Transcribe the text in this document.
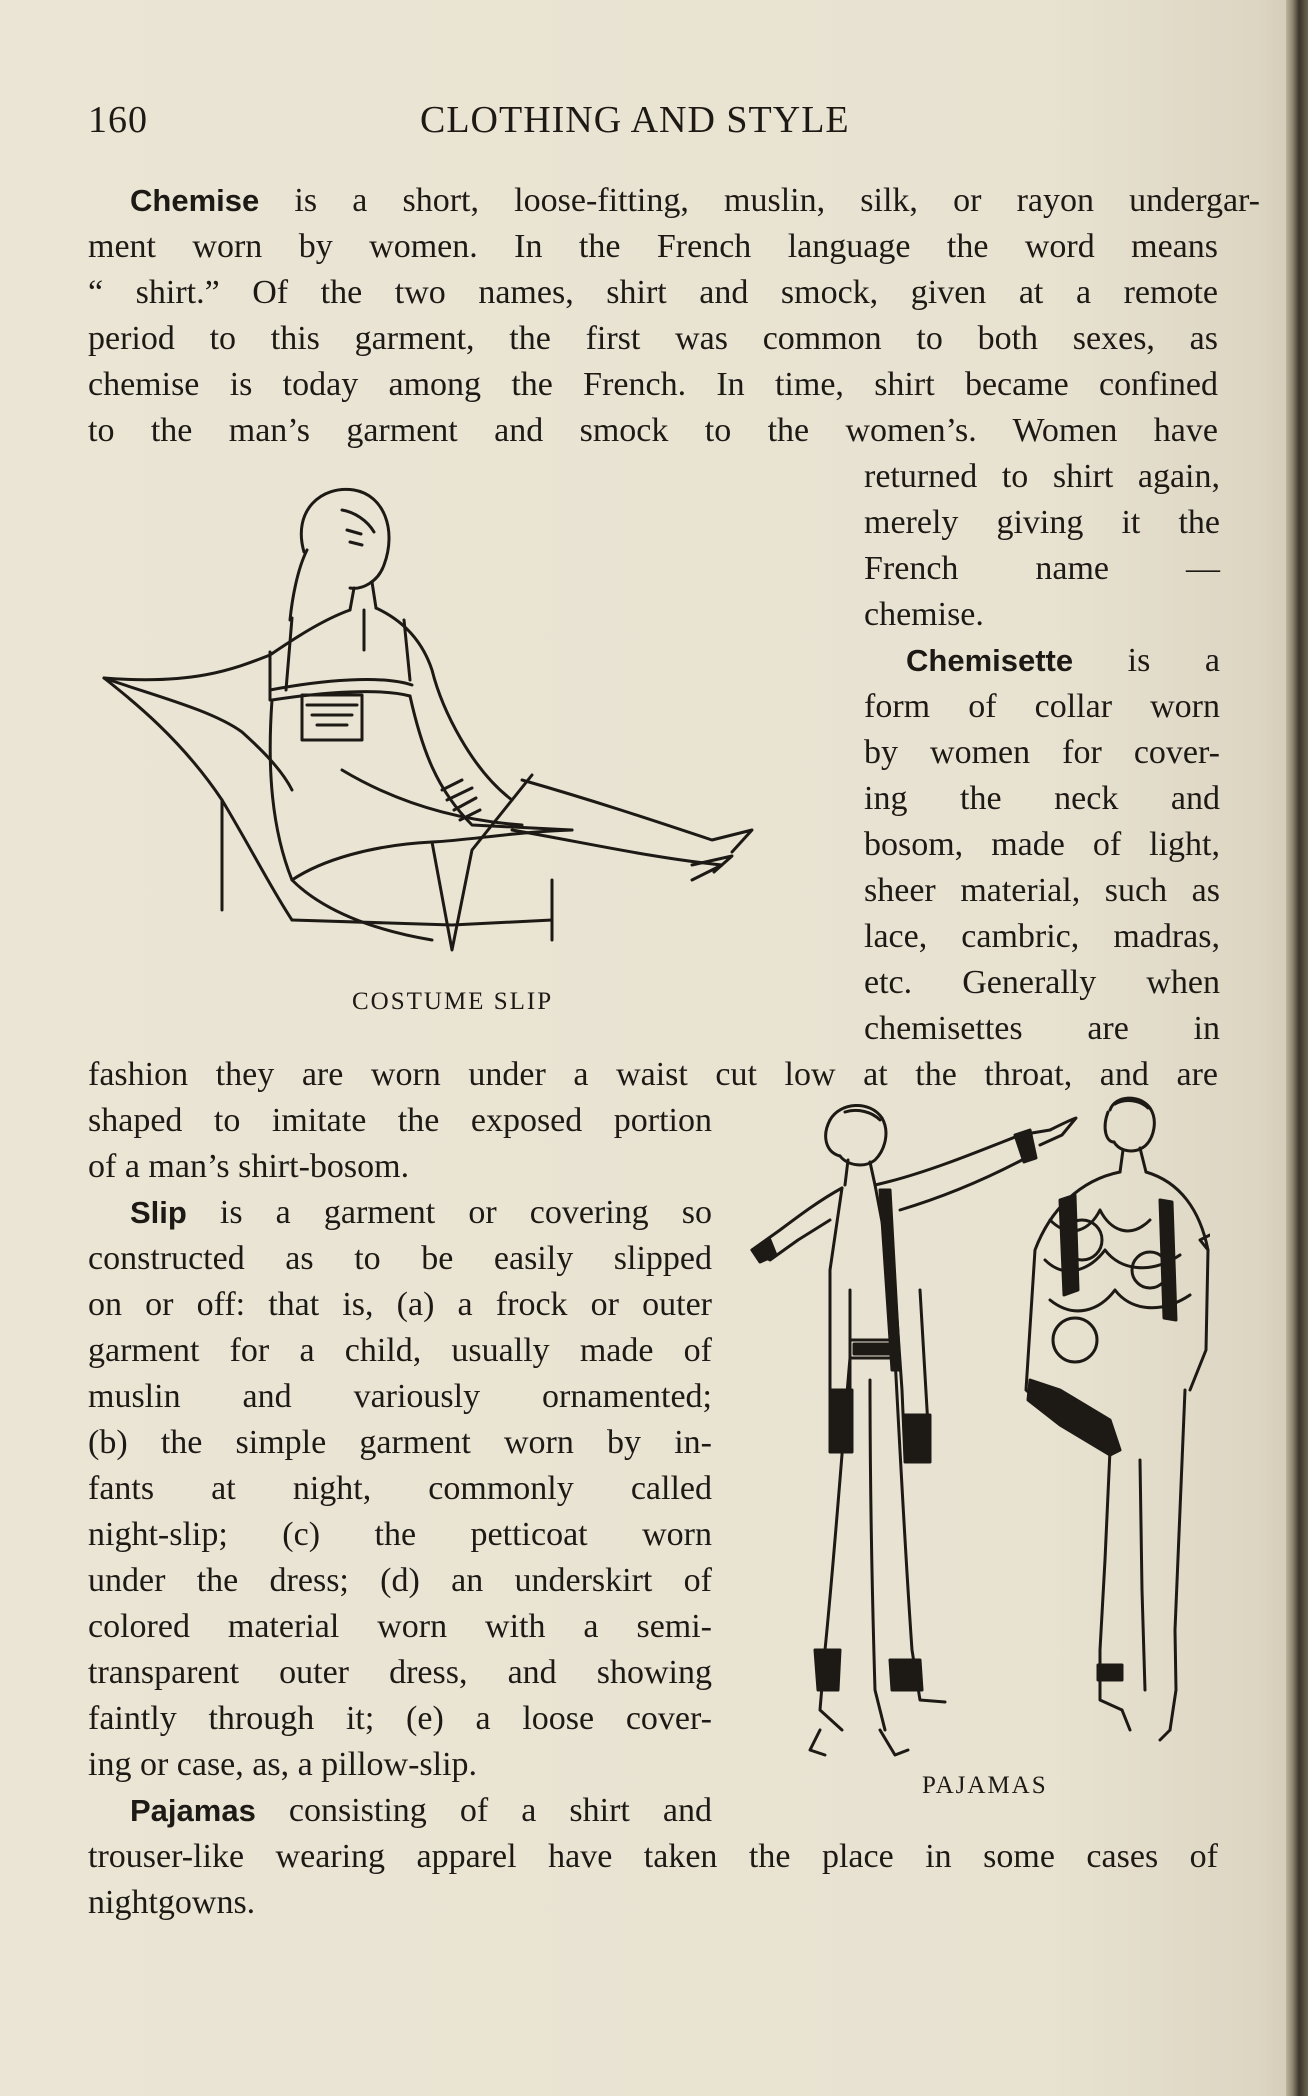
160	CLOTHING AND STYLE
Chemise is a short, loose-fitting, muslin, silk, or rayon undergar-
ment worn by women. In the French language the word means
“ shirt.” Of the two names, shirt and smock, given at a remote
period to this garment, the first was common to both sexes, as
chemise is today among the French. In time, shirt became confined
to the man’s garment and smock to the women’s. Women have
returned to shirt again,
merely giving it the
French name —
chemise.
Chemisette is a
form of collar worn
by women for cover-
ing the neck and
bosom, made of light,
sheer material, such as
lace, cambric, madras,
etc. Generally when
chemisettes are in
COSTUME SLIP
fashion they are worn under a waist cut low at the throat, and are
shaped to imitate the exposed portion
of a man’s shirt-bosom.
Slip is a garment or covering so
constructed as to be easily slipped
on or off: that is, (a) a frock or outer
garment for a child, usually made of
muslin and variously ornamented;
(b) the simple garment worn by in-
fants at night, commonly called
night-slip; (c) the petticoat worn
under the dress; (d) an underskirt of
colored material worn with a semi-
transparent outer dress, and showing
faintly through it; (e) a loose cover-
ing or case, as, a pillow-slip.
Pajamas consisting of a shirt and
PAJAMAS
trouser-like wearing apparel have taken the place in some cases of
nightgowns.
